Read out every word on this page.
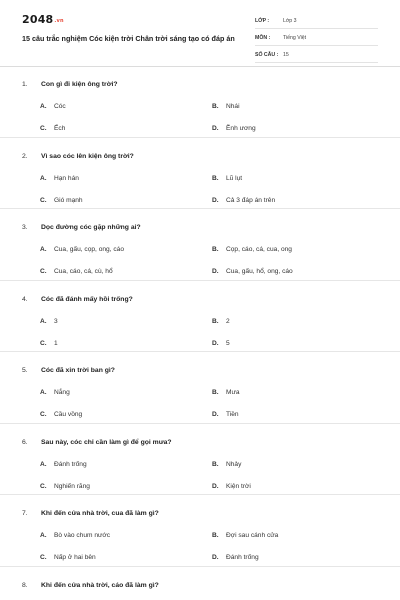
2048.vn
15 câu trắc nghiệm Cóc kiện trời Chân trời sáng tạo có đáp án
LỚP :	Lớp 3
MÔN :	Tiếng Việt
SỐ CÂU : 15
1.	Con gì đi kiện ông trời?
A.	Cóc	B.	Nhái
C.	Ếch	D.	Ễnh ương
2.	Vì sao cóc lên kiện ông trời?
A.	Hạn hán	B.	Lũ lụt
C.	Gió mạnh	D.	Cả 3 đáp án trên
3.	Dọc đường cóc gặp những ai?
A.	Cua, gấu, cọp, ong, cáo	B.	Cọp, cáo, cá, cua, ong
C.	Cua, cáo, cá, cù, hổ	D.	Cua, gấu, hổ, ong, cáo
4.	Cóc đã đánh mấy hồi trống?
A.	3	B.	2
C.	1	D.	5
5.	Cóc đã xin trời ban gì?
A.	Nắng	B.	Mưa
C.	Cầu vồng	D.	Tiền
6.	Sau này, cóc chỉ cần làm gì để gọi mưa?
A.	Đánh trống	B.	Nhảy
C.	Nghiến răng	D.	Kiện trời
7.	Khi đến cửa nhà trời, cua đã làm gì?
A.	Bò vào chum nước	B.	Đợi sau cánh cửa
C.	Nấp ở hai bên	D.	Đánh trống
8.	Khi đến cửa nhà trời, cáo đã làm gì?
